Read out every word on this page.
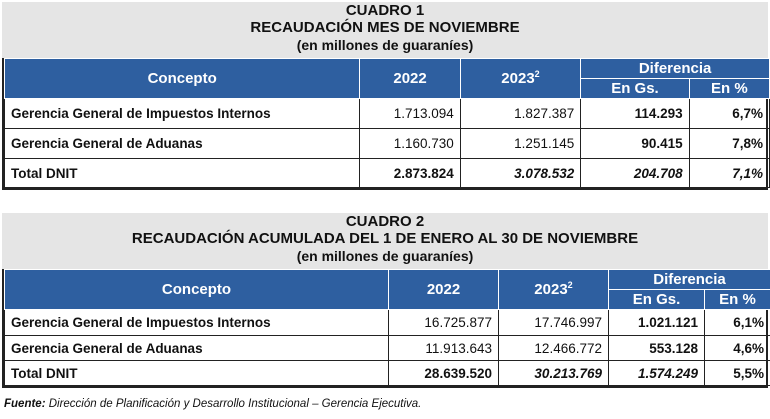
CUADRO 1
RECAUDACIÓN MES DE NOVIEMBRE
(en millones de guaraníes)
Concepto	2022	2023$^2$	Diferencia	
			En Gs.	En %
Gerencia General de Impuestos Internos	1.713.094	1.827.387	114.293	6,7%
Gerencia General de Aduanas	1.160.730	1.251.145	90.415	7,8%
Total DNIT	2.873.824	3.078.532	204.708	7,1%
CUADRO 2
RECAUDACIÓN ACUMULADA DEL 1 DE ENERO AL 30 DE NOVIEMBRE
(en millones de guaraníes)
Concepto	2022	2023$^2$	Diferencia	
			En Gs.	En %
Gerencia General de Impuestos Internos	16.725.877	17.746.997	1.021.121	6,1%
Gerencia General de Aduanas	11.913.643	12.466.772	553.128	4,6%
Total DNIT	28.639.520	30.213.769	1.574.249	5,5%
Fuente: Dirección de Planificación y Desarrollo Institucional – Gerencia Ejecutiva.
